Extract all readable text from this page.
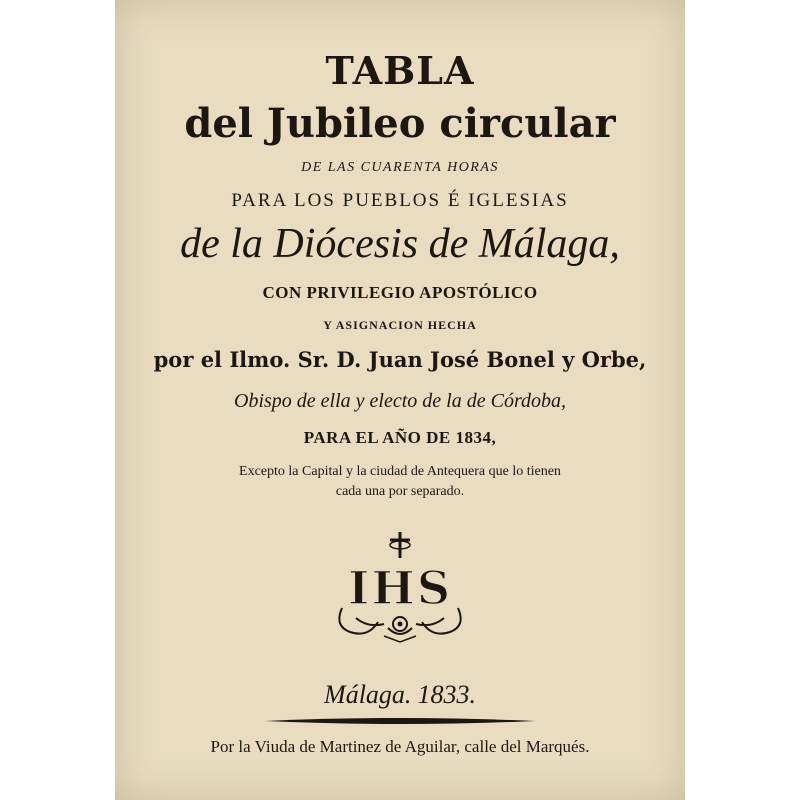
TABLA
del Jubileo circular
DE LAS CUARENTA HORAS
PARA LOS PUEBLOS É IGLESIAS
de la Diócesis de Málaga,
CON PRIVILEGIO APOSTÓLICO
Y ASIGNACION HECHA
por el Ilmo. Sr. D. Juan José Bonel y Orbe,
Obispo de ella y electo de la de Córdoba,
PARA EL AÑO DE 1834,
Excepto la Capital y la ciudad de Antequera que lo tienen
cada una por separado.
IHS
Málaga. 1833.
Por la Viuda de Martinez de Aguilar, calle del Marqués.
